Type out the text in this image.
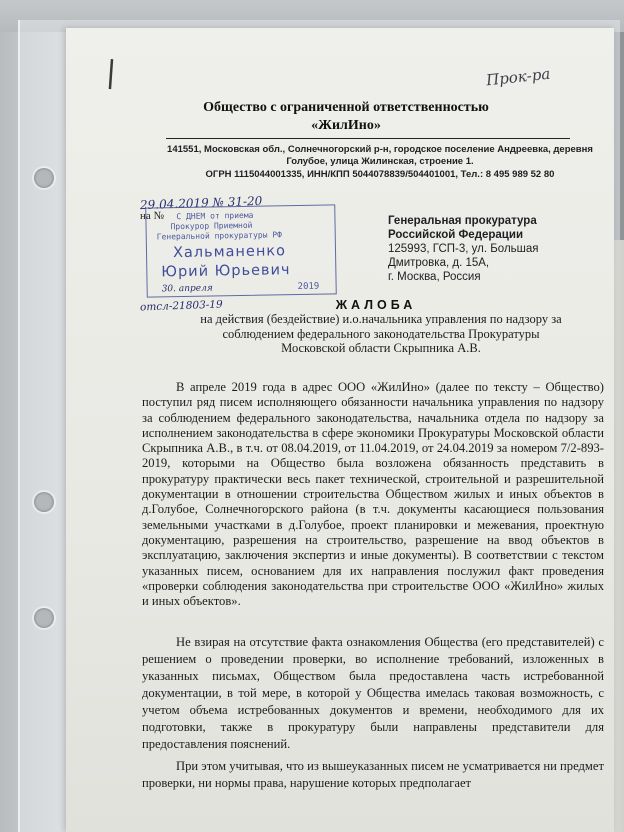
|	Прок-ра
Общество с ограниченной ответственностью
«ЖилИно»
141551, Московская обл., Солнечногорский р-н, городское поселение Андреевка, деревня
Голубое, улица Жилинская, строение 1.
ОГРН 1115044001335, ИНН/КПП 5044078839/504401001, Тел.: 8 495 989 52 80
29.04.2019 № 31-20
на № С ДНЕМ от приема
Прокурор Приемной
Генеральной прокуратуры РФ
Хальманенко
Юрий Юрьевич
30. апреля	2019
отсл-21803-19
Генеральная прокуратура
Российской Федерации
125993, ГСП-3, ул. Большая
Дмитровка, д. 15А,
г. Москва, Россия
ЖАЛОБА
на действия (бездействие) и.о.начальника управления по надзору за
соблюдением федерального законодательства Прокуратуры
Московской области Скрыпника А.В.
В апреле 2019 года в адрес ООО «ЖилИно» (далее по тексту – Общество) поступил ряд писем исполняющего обязанности начальника управления по надзору за соблюдением федерального законодательства, начальника отдела по надзору за исполнением законодательства в сфере экономики Прокуратуры Московской области Скрыпника А.В., в т.ч. от 08.04.2019, от 11.04.2019, от 24.04.2019 за номером 7/2-893-2019, которыми на Общество была возложена обязанность представить в прокуратуру практически весь пакет технической, строительной и разрешительной документации в отношении строительства Обществом жилых и иных объектов в д.Голубое, Солнечногорского района (в т.ч. документы касающиеся пользования земельными участками в д.Голубое, проект планировки и межевания, проектную документацию, разрешения на строительство, разрешение на ввод объектов в эксплуатацию, заключения экспертиз и иные документы). В соответствии с текстом указанных писем, основанием для их направления послужил факт проведения «проверки соблюдения законодательства при строительстве ООО «ЖилИно» жилых и иных объектов».
Не взирая на отсутствие факта ознакомления Общества (его представителей) с решением о проведении проверки, во исполнение требований, изложенных в указанных письмах, Обществом была предоставлена часть истребованной документации, в той мере, в которой у Общества имелась таковая возможность, с учетом объема истребованных документов и времени, необходимого для их подготовки, также в прокуратуру были направлены представители для предоставления пояснений.
При этом учитывая, что из вышеуказанных писем не усматривается ни предмет проверки, ни нормы права, нарушение которых предполагает
